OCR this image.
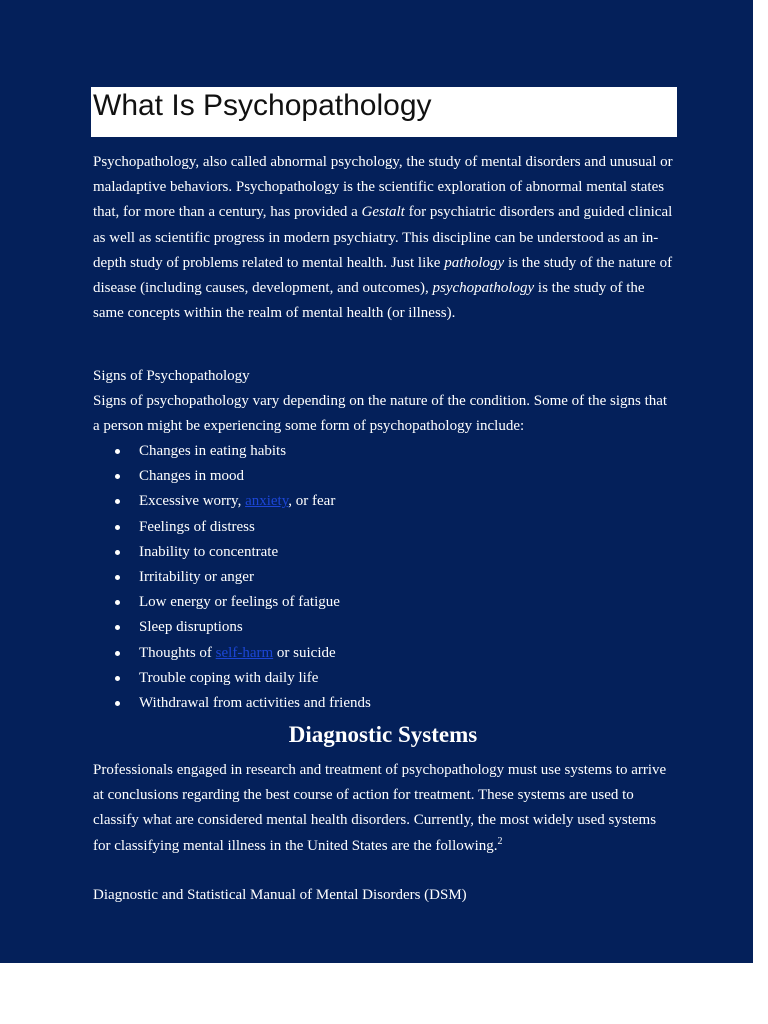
What Is Psychopathology
Psychopathology, also called abnormal psychology, the study of mental disorders and unusual or maladaptive behaviors. Psychopathology is the scientific exploration of abnormal mental states that, for more than a century, has provided a Gestalt for psychiatric disorders and guided clinical as well as scientific progress in modern psychiatry. This discipline can be understood as an in-depth study of problems related to mental health. Just like pathology is the study of the nature of disease (including causes, development, and outcomes), psychopathology is the study of the same concepts within the realm of mental health (or illness).
Signs of Psychopathology
Signs of psychopathology vary depending on the nature of the condition. Some of the signs that a person might be experiencing some form of psychopathology include:
Changes in eating habits
Changes in mood
Excessive worry, anxiety, or fear
Feelings of distress
Inability to concentrate
Irritability or anger
Low energy or feelings of fatigue
Sleep disruptions
Thoughts of self-harm or suicide
Trouble coping with daily life
Withdrawal from activities and friends
Diagnostic Systems
Professionals engaged in research and treatment of psychopathology must use systems to arrive at conclusions regarding the best course of action for treatment. These systems are used to classify what are considered mental health disorders. Currently, the most widely used systems for classifying mental illness in the United States are the following.$^2$
Diagnostic and Statistical Manual of Mental Disorders (DSM)
